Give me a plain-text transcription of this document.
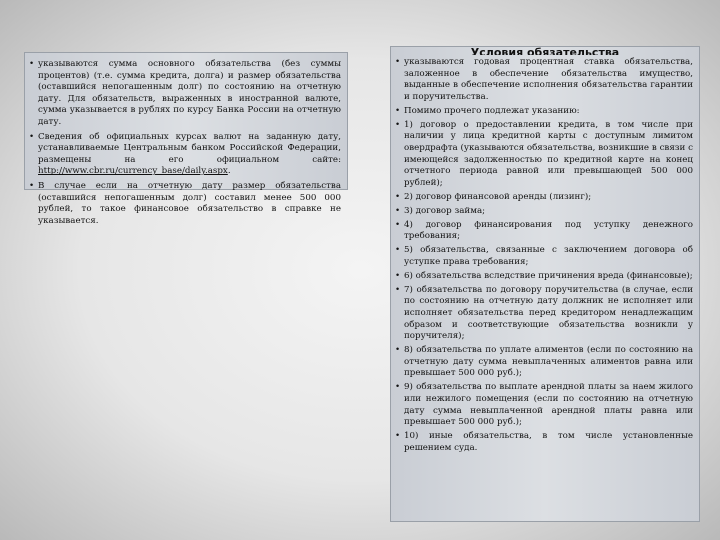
• указываются сумма основного обязательства (без суммы процентов) (т.е. сумма кредита, долга) и размер обязательства (оставшийся непогашенным долг) по состоянию на отчетную дату. Для обязательств, выраженных в иностранной валюте, сумма указывается в рублях по курсу Банка России на отчетную дату.
• Сведения об официальных курсах валют на заданную дату, устанавливаемые Центральным банком Российской Федерации, размещены на его официальном сайте: http://www.cbr.ru/currency_base/daily.aspx.
• В случае если на отчетную дату размер обязательства (оставшийся непогашенным долг) составил менее 500 000 рублей, то такое финансовое обязательство в справке не указывается.
Условия обязательства
• указываются годовая процентная ставка обязательства, заложенное в обеспечение обязательства имущество, выданные в обеспечение исполнения обязательства гарантии и поручительства.
• Помимо прочего подлежат указанию:
• 1) договор о предоставлении кредита, в том числе при наличии у лица кредитной карты с доступным лимитом овердрафта (указываются обязательства, возникшие в связи с имеющейся задолженностью по кредитной карте на конец отчетного периода равной или превышающей 500 000 рублей);
• 2) договор финансовой аренды (лизинг);
• 3) договор займа;
• 4) договор финансирования под уступку денежного требования;
• 5) обязательства, связанные с заключением договора об уступке права требования;
• 6) обязательства вследствие причинения вреда (финансовые);
• 7) обязательства по договору поручительства (в случае, если по состоянию на отчетную дату должник не исполняет или исполняет обязательства перед кредитором ненадлежащим образом и соответствующие обязательства возникли у поручителя);
• 8) обязательства по уплате алиментов (если по состоянию на отчетную дату сумма невыплаченных алиментов равна или превышает 500 000 руб.);
• 9) обязательства по выплате арендной платы за наем жилого или нежилого помещения (если по состоянию на отчетную дату сумма невыплаченной арендной платы равна или превышает 500 000 руб.);
• 10) иные обязательства, в том числе установленные решением суда.
